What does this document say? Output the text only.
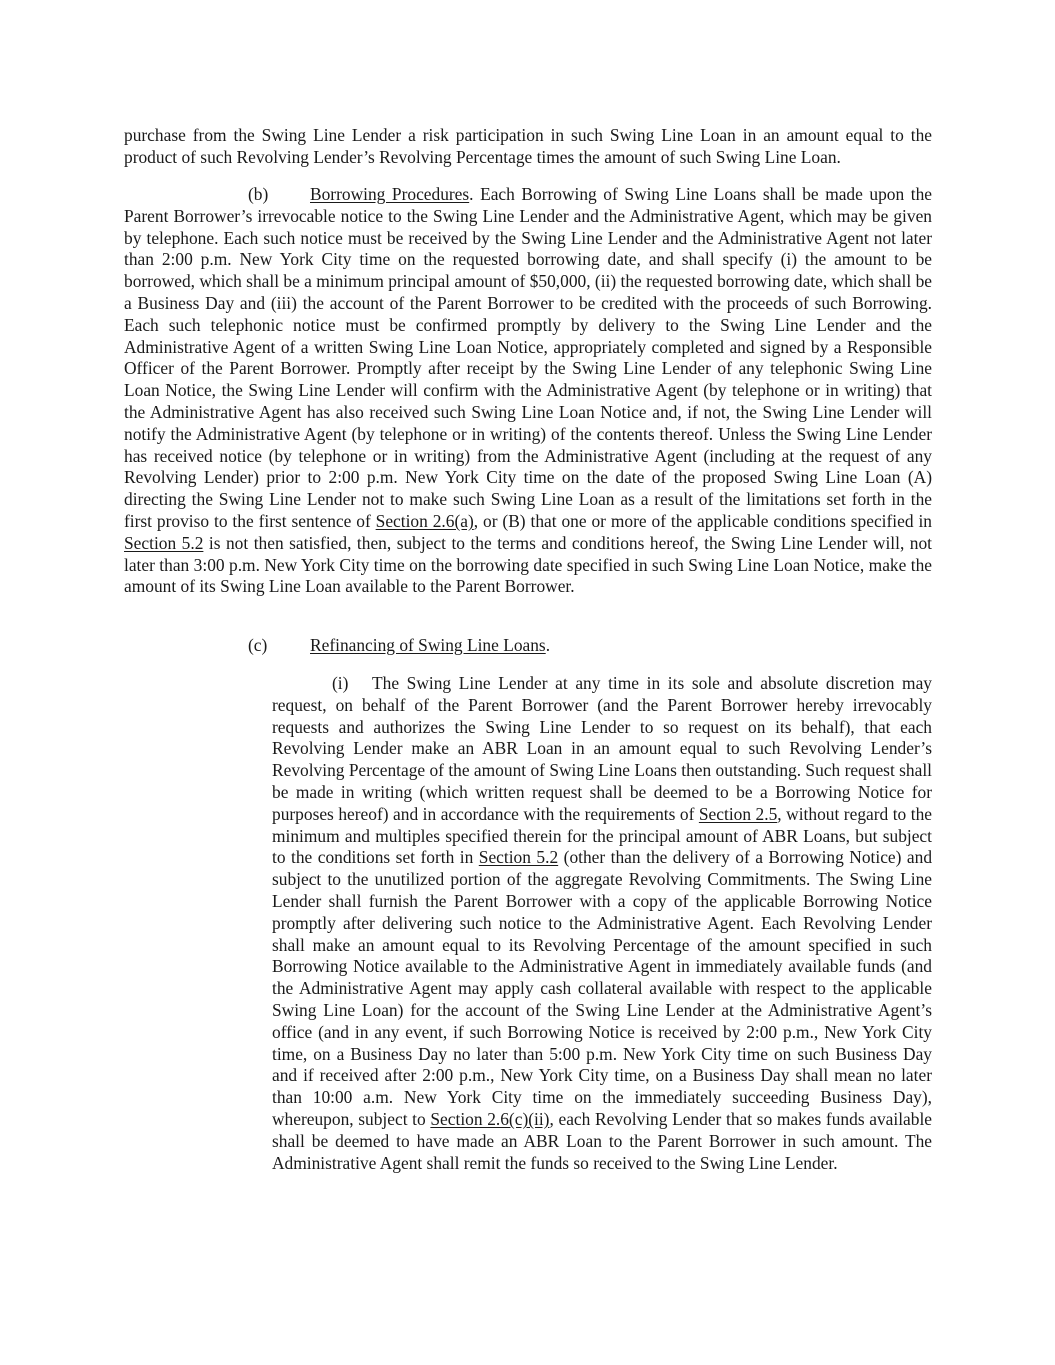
purchase from the Swing Line Lender a risk participation in such Swing Line Loan in an amount equal to the product of such Revolving Lender’s Revolving Percentage times the amount of such Swing Line Loan.

(b) Borrowing Procedures. Each Borrowing of Swing Line Loans shall be made upon the Parent Borrower’s irrevocable notice to the Swing Line Lender and the Administrative Agent, which may be given by telephone. Each such notice must be received by the Swing Line Lender and the Administrative Agent not later than 2:00 p.m. New York City time on the requested borrowing date, and shall specify (i) the amount to be borrowed, which shall be a minimum principal amount of $50,000, (ii) the requested borrowing date, which shall be a Business Day and (iii) the account of the Parent Borrower to be credited with the proceeds of such Borrowing. Each such telephonic notice must be confirmed promptly by delivery to the Swing Line Lender and the Administrative Agent of a written Swing Line Loan Notice, appropriately completed and signed by a Responsible Officer of the Parent Borrower. Promptly after receipt by the Swing Line Lender of any telephonic Swing Line Loan Notice, the Swing Line Lender will confirm with the Administrative Agent (by telephone or in writing) that the Administrative Agent has also received such Swing Line Loan Notice and, if not, the Swing Line Lender will notify the Administrative Agent (by telephone or in writing) of the contents thereof. Unless the Swing Line Lender has received notice (by telephone or in writing) from the Administrative Agent (including at the request of any Revolving Lender) prior to 2:00 p.m. New York City time on the date of the proposed Swing Line Loan (A) directing the Swing Line Lender not to make such Swing Line Loan as a result of the limitations set forth in the first proviso to the first sentence of Section 2.6(a), or (B) that one or more of the applicable conditions specified in Section 5.2 is not then satisfied, then, subject to the terms and conditions hereof, the Swing Line Lender will, not later than 3:00 p.m. New York City time on the borrowing date specified in such Swing Line Loan Notice, make the amount of its Swing Line Loan available to the Parent Borrower.

(c) Refinancing of Swing Line Loans.

(i) The Swing Line Lender at any time in its sole and absolute discretion may request, on behalf of the Parent Borrower (and the Parent Borrower hereby irrevocably requests and authorizes the Swing Line Lender to so request on its behalf), that each Revolving Lender make an ABR Loan in an amount equal to such Revolving Lender’s Revolving Percentage of the amount of Swing Line Loans then outstanding. Such request shall be made in writing (which written request shall be deemed to be a Borrowing Notice for purposes hereof) and in accordance with the requirements of Section 2.5, without regard to the minimum and multiples specified therein for the principal amount of ABR Loans, but subject to the conditions set forth in Section 5.2 (other than the delivery of a Borrowing Notice) and subject to the unutilized portion of the aggregate Revolving Commitments. The Swing Line Lender shall furnish the Parent Borrower with a copy of the applicable Borrowing Notice promptly after delivering such notice to the Administrative Agent. Each Revolving Lender shall make an amount equal to its Revolving Percentage of the amount specified in such Borrowing Notice available to the Administrative Agent in immediately available funds (and the Administrative Agent may apply cash collateral available with respect to the applicable Swing Line Loan) for the account of the Swing Line Lender at the Administrative Agent’s office (and in any event, if such Borrowing Notice is received by 2:00 p.m., New York City time, on a Business Day no later than 5:00 p.m. New York City time on such Business Day and if received after 2:00 p.m., New York City time, on a Business Day shall mean no later than 10:00 a.m. New York City time on the immediately succeeding Business Day), whereupon, subject to Section 2.6(c)(ii), each Revolving Lender that so makes funds available shall be deemed to have made an ABR Loan to the Parent Borrower in such amount. The Administrative Agent shall remit the funds so received to the Swing Line Lender.
